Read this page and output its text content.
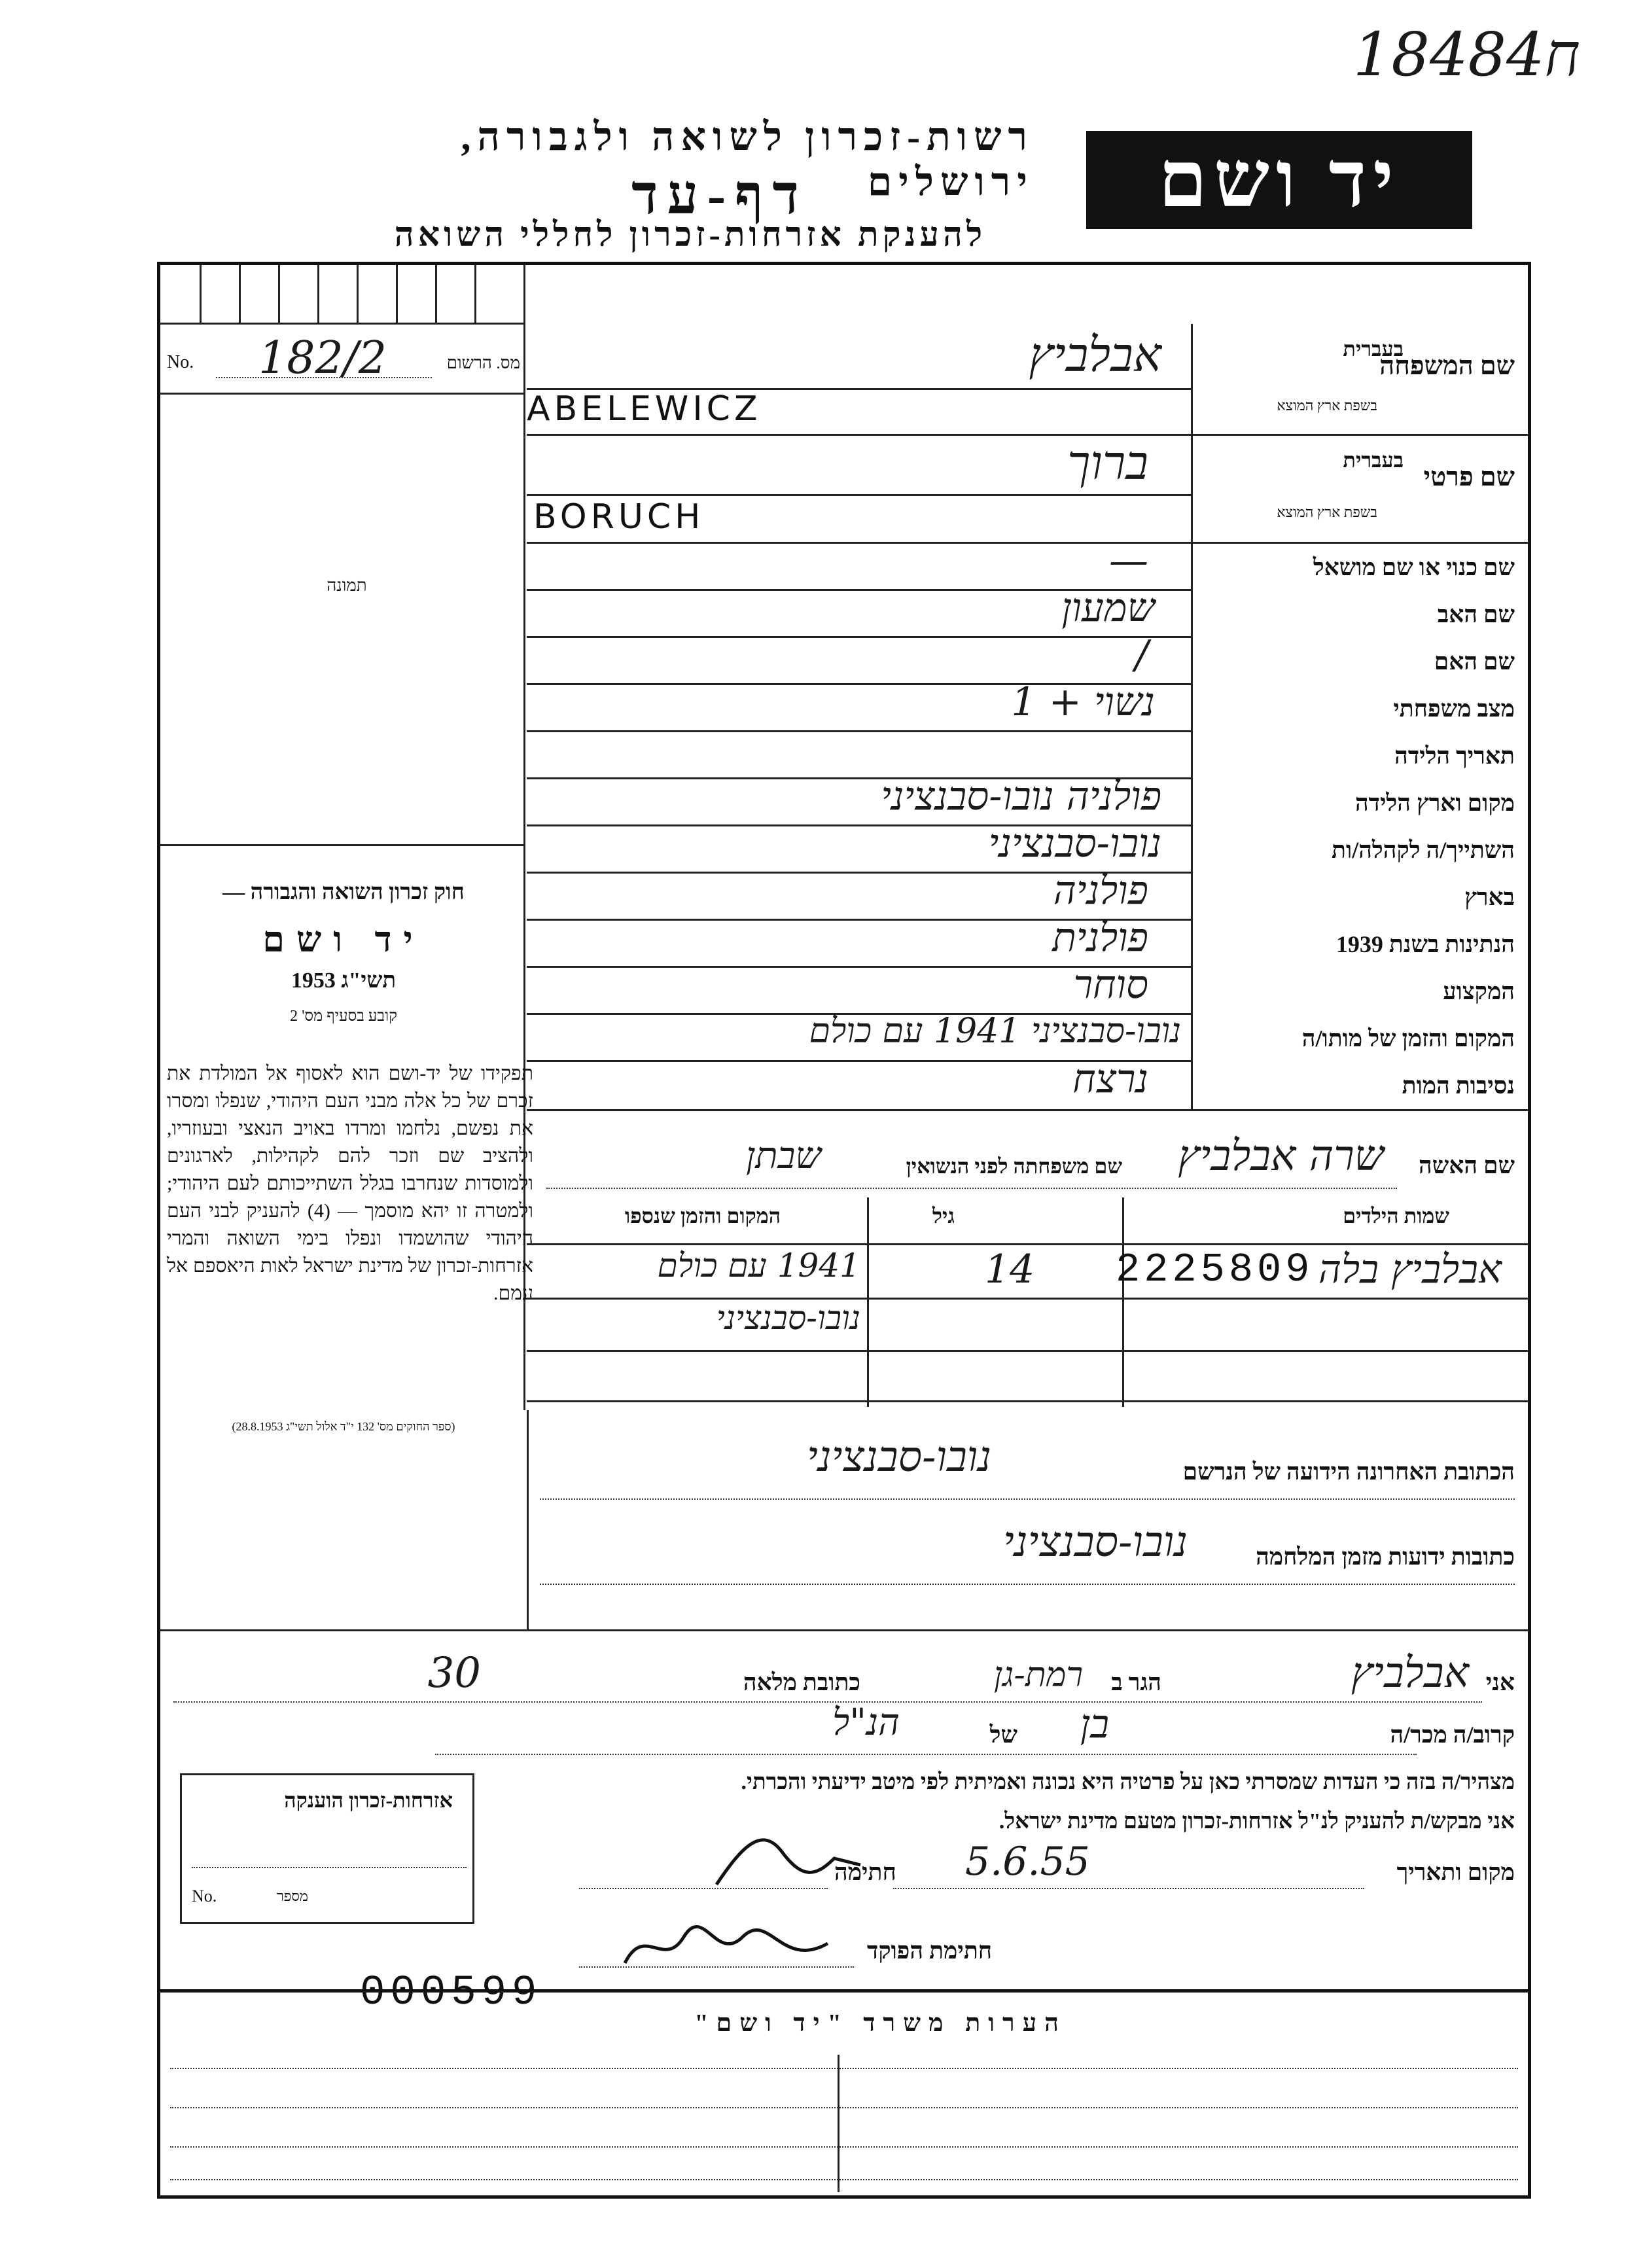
18484ח
רשות-זכרון לשואה ולגבורה, ירושלים
דף-עד
להענקת אזרחות-זכרון לחללי השואה
יד ושם
No. 182/2	מס. הרשום
תמונה
חוק זכרון השואה והגבורה —
יד ושם
תשי"ג 1953
קובע בסעיף מס' 2
תפקידו של יד-ושם הוא לאסוף אל המולדת את זכרם של כל אלה מבני העם היהודי, שנפלו ומסרו את נפשם, נלחמו ומרדו באויב הנאצי ובעוזריו, ולהציב שם וזכר להם לקהילות, לארגונים ולמוסדות שנחרבו בגלל השתייכותם לעם היהודי; ולמטרה זו יהא מוסמך — (4) להעניק לבני העם היהודי שהושמדו ונפלו בימי השואה והמרי אזרחות-זכרון של מדינת ישראל לאות היאספם אל עמם.
(ספר החוקים מס' 132 י"ד אלול תשי"ג 28.8.1953)
שם המשפחה
בעברית
בשפת ארץ המוצא
אבלביץ
ABELEWICZ
שם פרטי
בעברית
בשפת ארץ המוצא
ברוך
BORUCH
שם כנוי או שם מושאל
—
שם האב
שמעון
שם האם
/
מצב משפחתי
נשוי + 1
תאריך הלידה
מקום וארץ הלידה
פולניה נובו-סבנציני
השתייך/ה לקהלה/ות
נובו-סבנציני
בארץ
פולניה
הנתינות בשנת 1939
פולנית
המקצוע
סוחר
המקום והזמן של מותו/ה
נובו-סבנציני 1941 עם כולם
נסיבות המות
נרצח
שם האשה
שרה אבלביץ
שם משפחתה לפני הנשואין
שבתן
שמות הילדים
גיל
המקום והזמן שנספו
אבלביץ בלה
2225809
14
1941 עם כולם
נובו-סבנציני
הכתובת האחרונה הידועה של הנרשם
נובו-סבנציני
כתובות ידועות מזמן המלחמה
נובו-סבנציני
אני
אבלביץ
הגר ב
רמת-גן
כתובת מלאה
30
קרוב/ה מכר/ה
בן
של
הנ"ל
מצהיר/ה בזה כי העדות שמסרתי כאן על פרטיה היא נכונה ואמיתית לפי מיטב ידיעתי והכרתי.
אני מבקש/ת להעניק לנ"ל אזרחות-זכרון מטעם מדינת ישראל.
מקום ותאריך
5.6.55
חתימה
חתימת הפוקד
אזרחות-זכרון הוענקה
No.	מספר
הערות משרד "יד ושם"
000599
